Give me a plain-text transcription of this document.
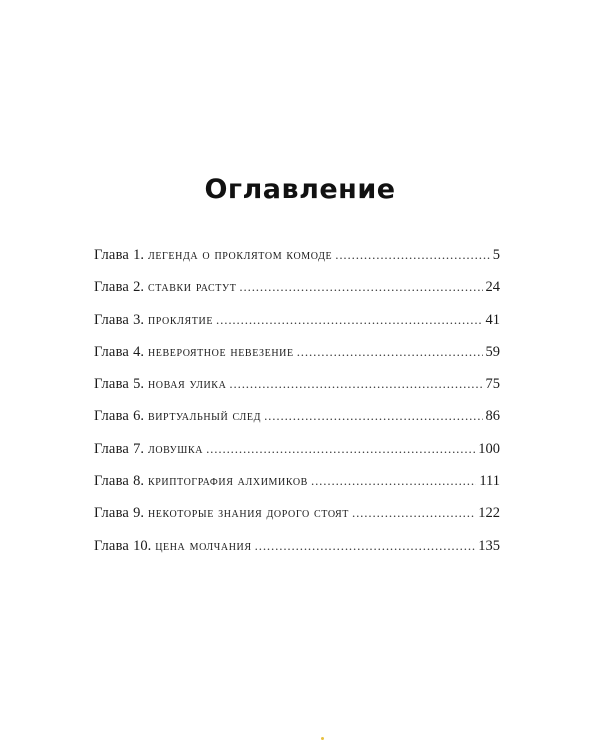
Оглавление
Глава 1. легенда о проклятом комоде . . .	5
Глава 2. ставки растут . . .	24
Глава 3. проклятие . . .	41
Глава 4. невероятное невезение . . .	59
Глава 5. новая улика . . .	75
Глава 6. виртуальный след . . .	86
Глава 7. ловушка . . .	100
Глава 8. криптография алхимиков . . .	111
Глава 9. некоторые знания дорого стоят . . .	122
Глава 10. цена молчания . . .	135
